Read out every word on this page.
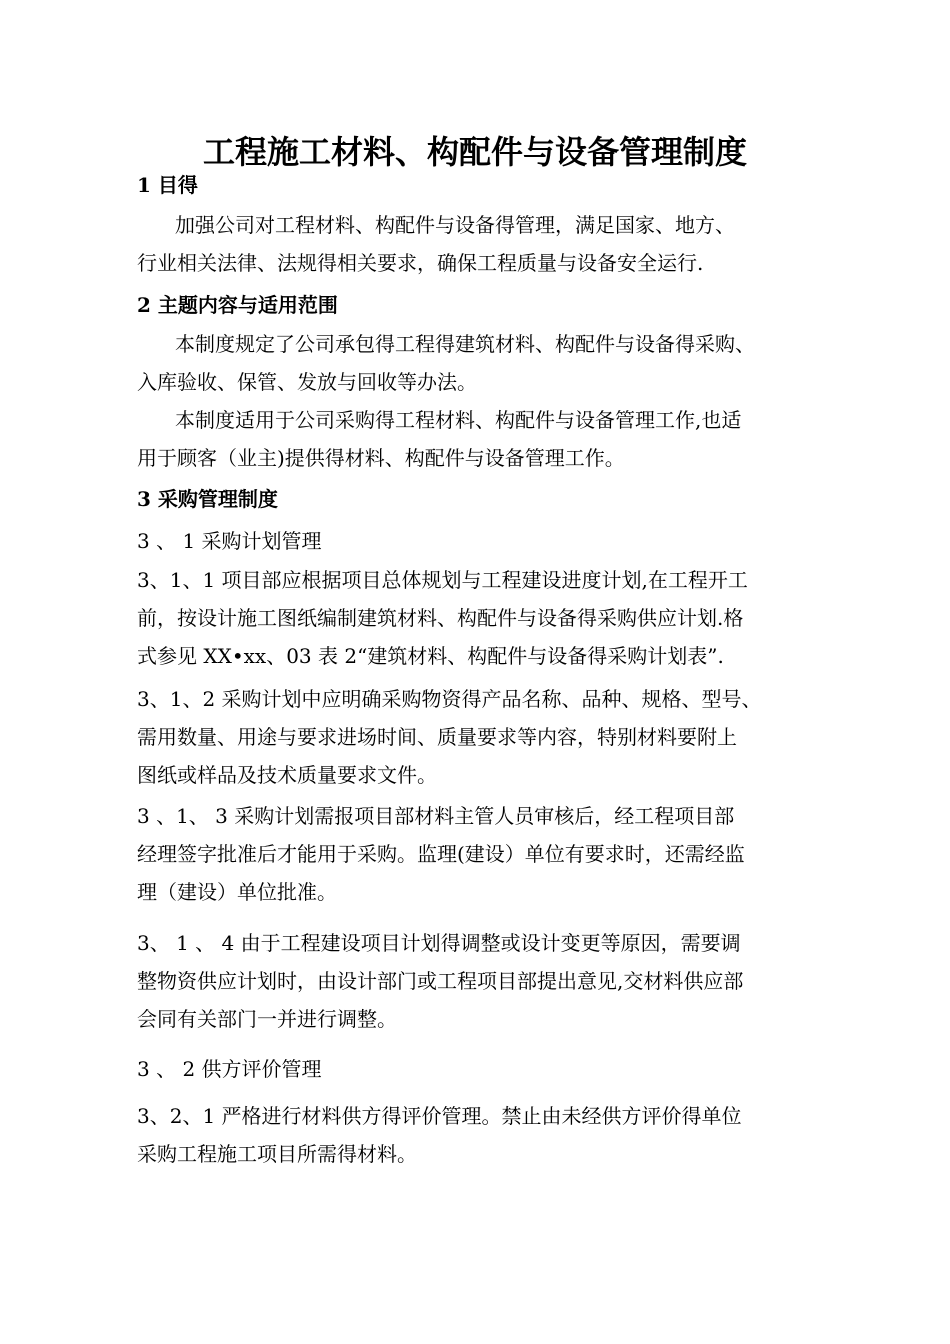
工程施工材料、构配件与设备管理制度
1 目得
加强公司对工程材料、构配件与设备得管理，满足国家、地方、
行业相关法律、法规得相关要求，确保工程质量与设备安全运行.
2 主题内容与适用范围
本制度规定了公司承包得工程得建筑材料、构配件与设备得采购、
入库验收、保管、发放与回收等办法。
本制度适用于公司采购得工程材料、构配件与设备管理工作,也适
用于顾客（业主)提供得材料、构配件与设备管理工作。
3 采购管理制度
3 、 1 采购计划管理
3、1、1 项目部应根据项目总体规划与工程建设进度计划,在工程开工
前，按设计施工图纸编制建筑材料、构配件与设备得采购供应计划.格
式参见 XX•xx、03 表 2“建筑材料、构配件与设备得采购计划表”.
3、1、2 采购计划中应明确采购物资得产品名称、品种、规格、型号、
需用数量、用途与要求进场时间、质量要求等内容，特别材料要附上
图纸或样品及技术质量要求文件。
3 、1、 3 采购计划需报项目部材料主管人员审核后，经工程项目部
经理签字批准后才能用于采购。监理(建设）单位有要求时，还需经监
理（建设）单位批准。
3、 1 、 4 由于工程建设项目计划得调整或设计变更等原因，需要调
整物资供应计划时，由设计部门或工程项目部提出意见,交材料供应部
会同有关部门一并进行调整。
3 、 2 供方评价管理
3、2、1 严格进行材料供方得评价管理。禁止由未经供方评价得单位
采购工程施工项目所需得材料。
